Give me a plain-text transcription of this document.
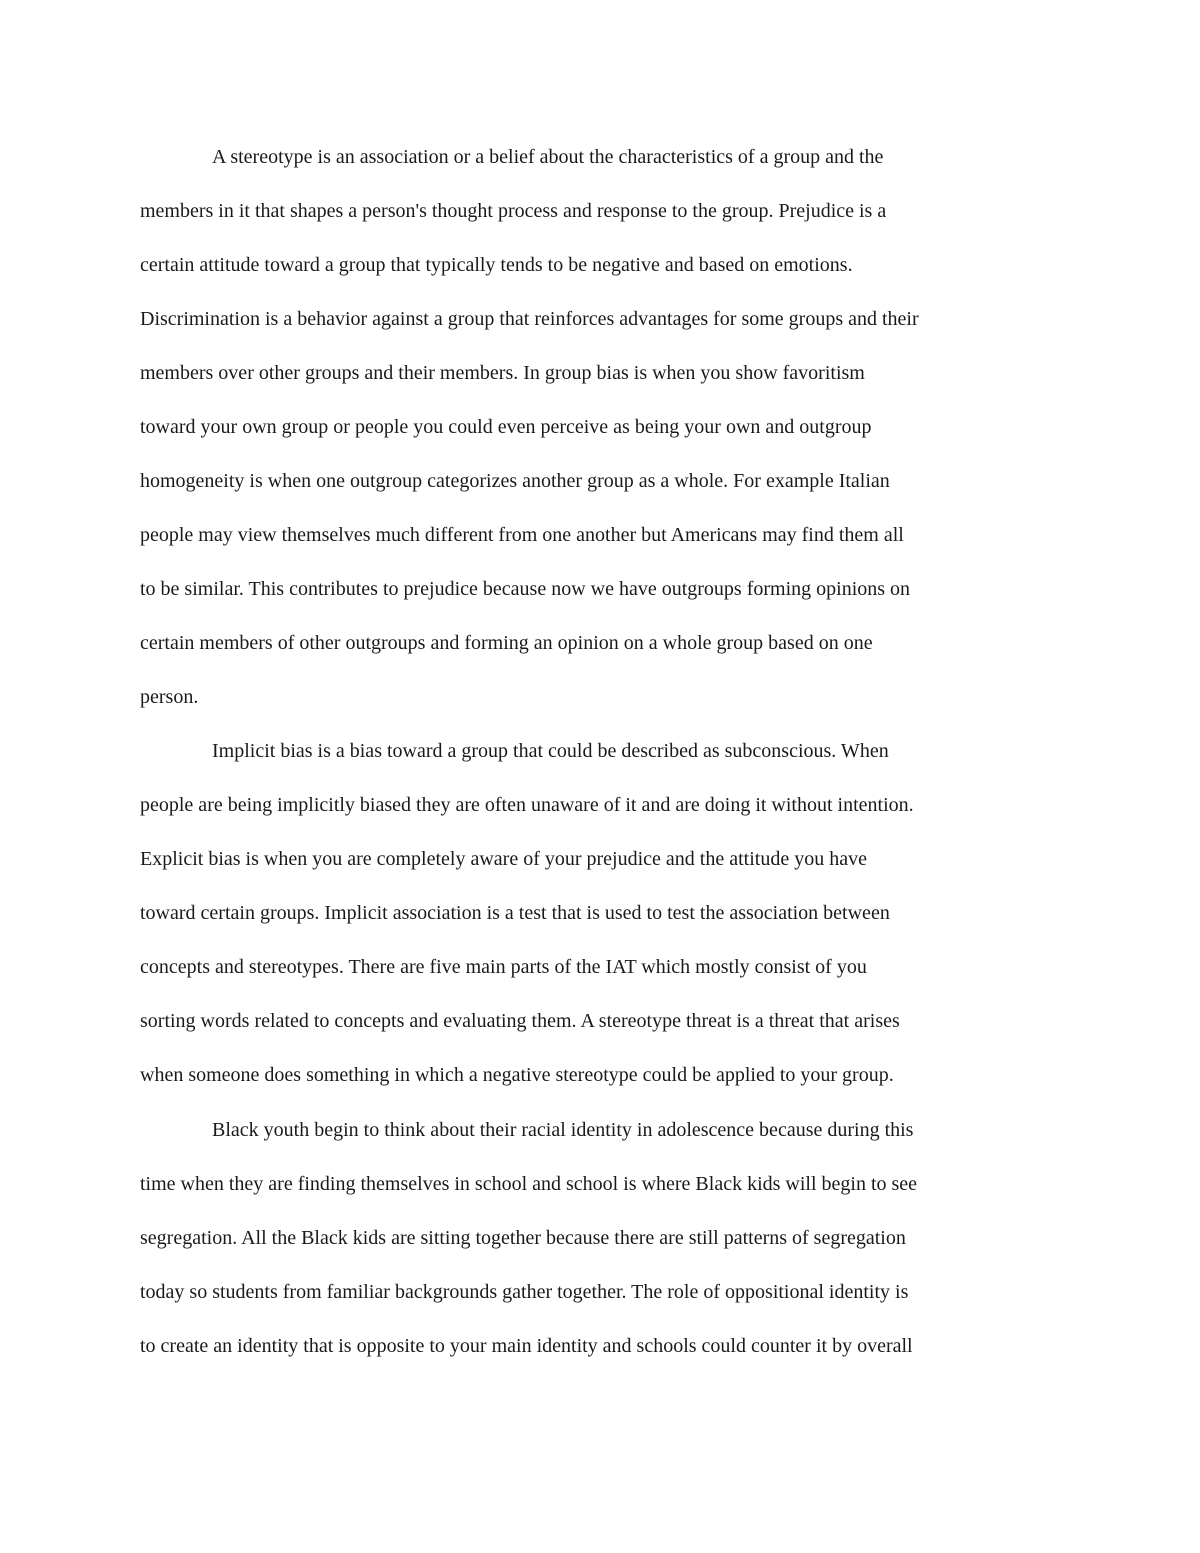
A stereotype is an association or a belief about the characteristics of a group and the

members in it that shapes a person's thought process and response to the group. Prejudice is a

certain attitude toward a group that typically tends to be negative and based on emotions.

Discrimination is a behavior against a group that reinforces advantages for some groups and their

members over other groups and their members. In group bias is when you show favoritism

toward your own group or people you could even perceive as being your own and outgroup

homogeneity is when one outgroup categorizes another group as a whole. For example Italian

people may view themselves much different from one another but Americans may find them all

to be similar. This contributes to prejudice because now we have outgroups forming opinions on

certain members of other outgroups and forming an opinion on a whole group based on one

person.

Implicit bias is a bias toward a group that could be described as subconscious. When

people are being implicitly biased they are often unaware of it and are doing it without intention.

Explicit bias is when you are completely aware of your prejudice and the attitude you have

toward certain groups. Implicit association is a test that is used to test the association between

concepts and stereotypes. There are five main parts of the IAT which mostly consist of you

sorting words related to concepts and evaluating them. A stereotype threat is a threat that arises

when someone does something in which a negative stereotype could be applied to your group.

Black youth begin to think about their racial identity in adolescence because during this

time when they are finding themselves in school and school is where Black kids will begin to see

segregation. All the Black kids are sitting together because there are still patterns of segregation

today so students from familiar backgrounds gather together. The role of oppositional identity is

to create an identity that is opposite to your main identity and schools could counter it by overall
